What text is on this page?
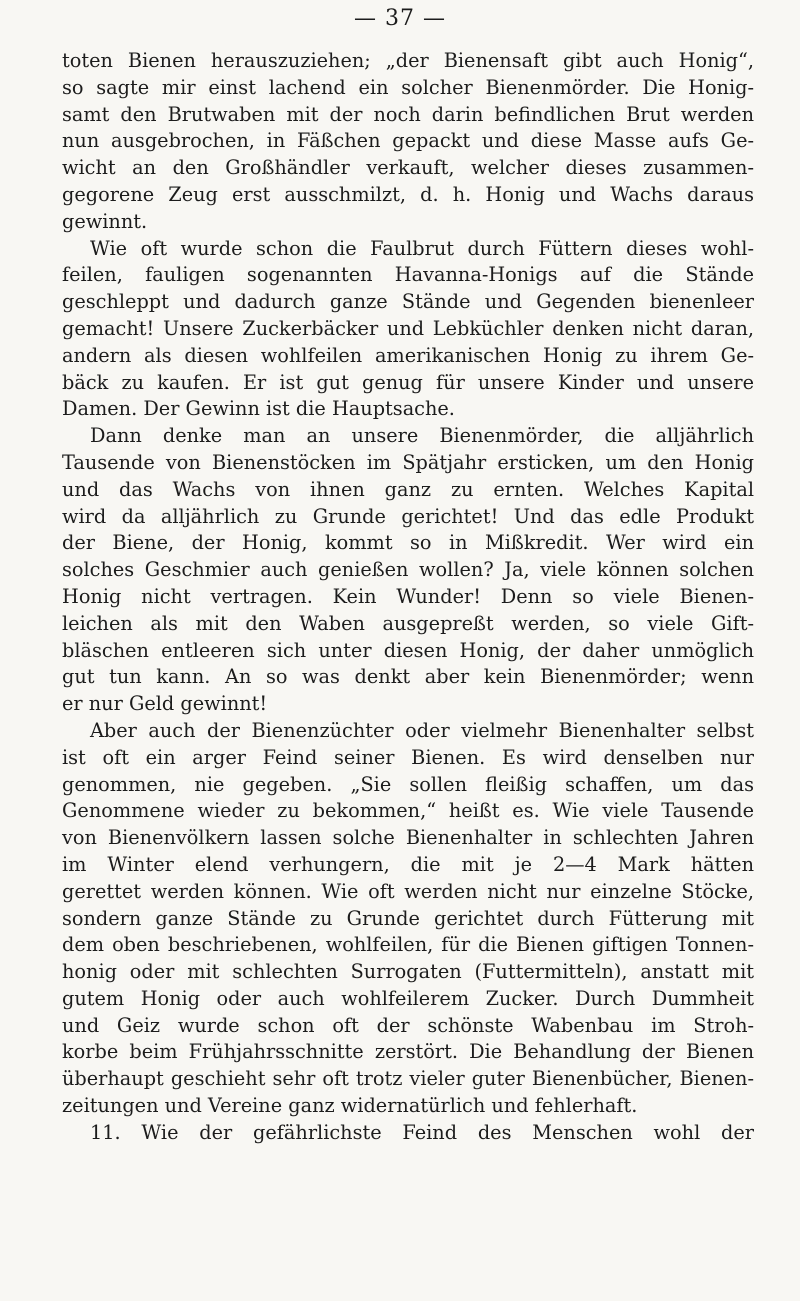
— 37 —
toten Bienen herauszuziehen; „der Bienensaft gibt auch Honig“,
so sagte mir einst lachend ein solcher Bienenmörder. Die Honig-
samt den Brutwaben mit der noch darin befindlichen Brut werden
nun ausgebrochen, in Fäßchen gepackt und diese Masse aufs Ge-
wicht an den Großhändler verkauft, welcher dieses zusammen-
gegorene Zeug erst ausschmilzt, d. h. Honig und Wachs daraus
gewinnt.
Wie oft wurde schon die Faulbrut durch Füttern dieses wohl-
feilen, fauligen sogenannten Havanna-Honigs auf die Stände
geschleppt und dadurch ganze Stände und Gegenden bienenleer
gemacht! Unsere Zuckerbäcker und Lebküchler denken nicht daran,
andern als diesen wohlfeilen amerikanischen Honig zu ihrem Ge-
bäck zu kaufen. Er ist gut genug für unsere Kinder und unsere
Damen. Der Gewinn ist die Hauptsache.
Dann denke man an unsere Bienenmörder, die alljährlich
Tausende von Bienenstöcken im Spätjahr ersticken, um den Honig
und das Wachs von ihnen ganz zu ernten. Welches Kapital
wird da alljährlich zu Grunde gerichtet! Und das edle Produkt
der Biene, der Honig, kommt so in Mißkredit. Wer wird ein
solches Geschmier auch genießen wollen? Ja, viele können solchen
Honig nicht vertragen. Kein Wunder! Denn so viele Bienen-
leichen als mit den Waben ausgepreßt werden, so viele Gift-
bläschen entleeren sich unter diesen Honig, der daher unmöglich
gut tun kann. An so was denkt aber kein Bienenmörder; wenn
er nur Geld gewinnt!
Aber auch der Bienenzüchter oder vielmehr Bienenhalter selbst
ist oft ein arger Feind seiner Bienen. Es wird denselben nur
genommen, nie gegeben. „Sie sollen fleißig schaffen, um das
Genommene wieder zu bekommen,“ heißt es. Wie viele Tausende
von Bienenvölkern lassen solche Bienenhalter in schlechten Jahren
im Winter elend verhungern, die mit je 2—4 Mark hätten
gerettet werden können. Wie oft werden nicht nur einzelne Stöcke,
sondern ganze Stände zu Grunde gerichtet durch Fütterung mit
dem oben beschriebenen, wohlfeilen, für die Bienen giftigen Tonnen-
honig oder mit schlechten Surrogaten (Futtermitteln), anstatt mit
gutem Honig oder auch wohlfeilerem Zucker. Durch Dummheit
und Geiz wurde schon oft der schönste Wabenbau im Stroh-
korbe beim Frühjahrsschnitte zerstört. Die Behandlung der Bienen
überhaupt geschieht sehr oft trotz vieler guter Bienenbücher, Bienen-
zeitungen und Vereine ganz widernatürlich und fehlerhaft.
11. Wie der gefährlichste Feind des Menschen wohl der
